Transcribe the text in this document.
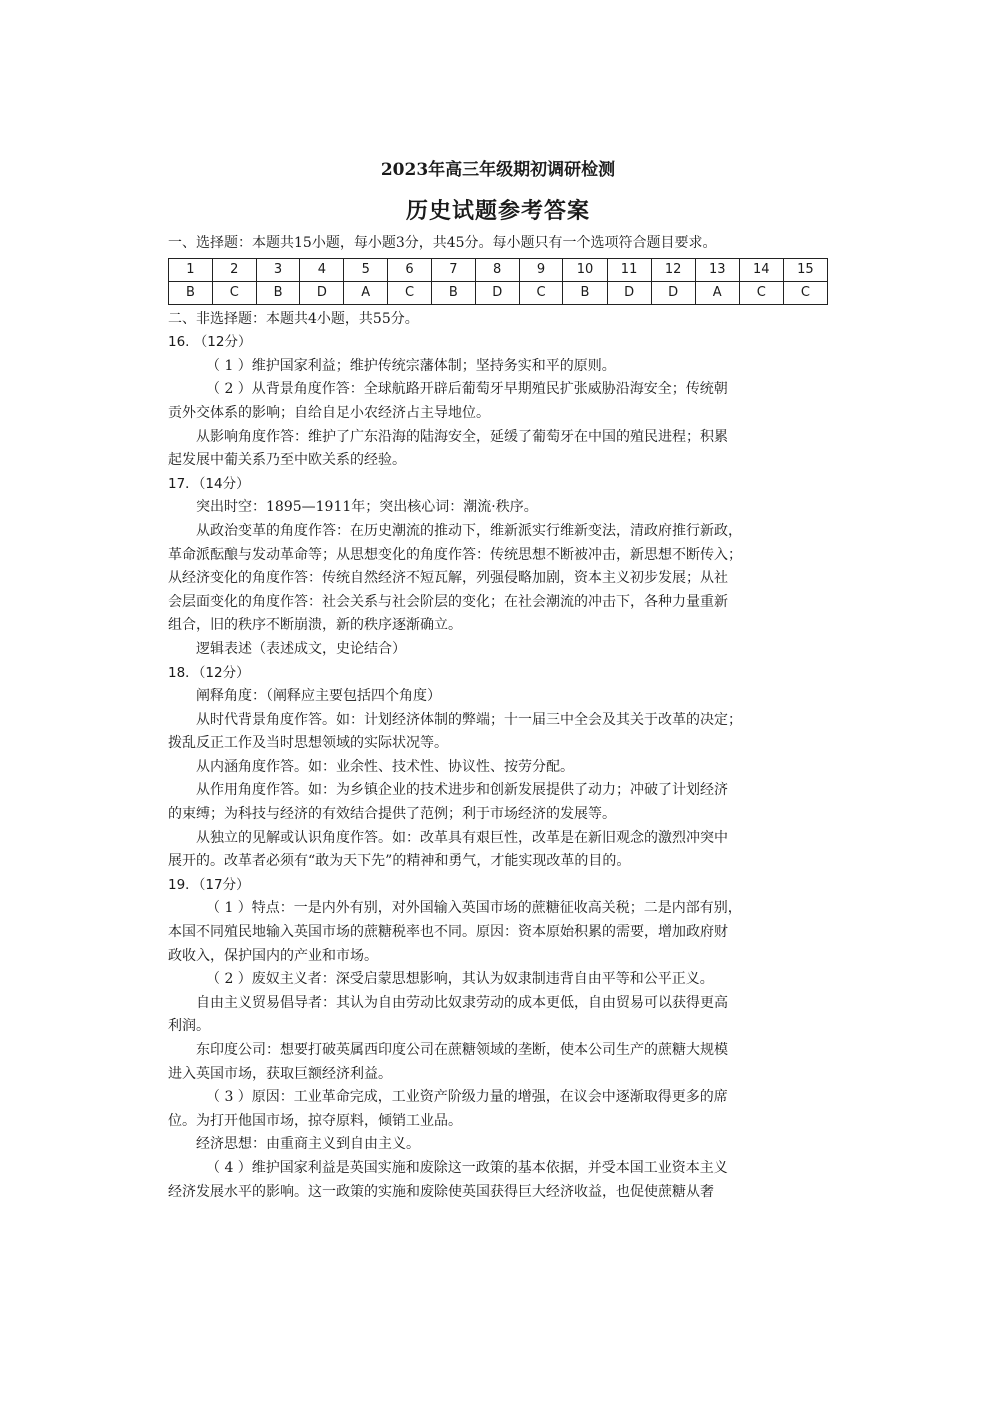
2023年高三年级期初调研检测
历史试题参考答案

一、选择题：本题共15小题，每小题3分，共45分。每小题只有一个选项符合题目要求。

1	2	3	4	5	6	7	8	9	10	11	12	13	14	15
B	C	B	D	A	C	B	D	C	B	D	D	A	C	C

二、非选择题：本题共4小题，共55分。

16. （12分）

（ 1 ）维护国家利益；维护传统宗藩体制；坚持务实和平的原则。

（ 2 ）从背景角度作答：全球航路开辟后葡萄牙早期殖民扩张威胁沿海安全；传统朝

贡外交体系的影响；自给自足小农经济占主导地位。

从影响角度作答：维护了广东沿海的陆海安全，延缓了葡萄牙在中国的殖民进程；积累

起发展中葡关系乃至中欧关系的经验。

17．（14分）

突出时空：1895—1911年；突出核心词：潮流·秩序。

从政治变革的角度作答：在历史潮流的推动下，维新派实行维新变法，清政府推行新政，

革命派酝酿与发动革命等；从思想变化的角度作答：传统思想不断被冲击，新思想不断传入；

从经济变化的角度作答：传统自然经济不短瓦解，列强侵略加剧，资本主义初步发展；从社

会层面变化的角度作答：社会关系与社会阶层的变化；在社会潮流的冲击下，各种力量重新

组合，旧的秩序不断崩溃，新的秩序逐渐确立。

逻辑表述（表述成文，史论结合）

18．（12分）

阐释角度：（阐释应主要包括四个角度）

从时代背景角度作答。如：计划经济体制的弊端；十一届三中全会及其关于改革的决定；

拨乱反正工作及当时思想领域的实际状况等。

从内涵角度作答。如：业余性、技术性、协议性、按劳分配。

从作用角度作答。如：为乡镇企业的技术进步和创新发展提供了动力；冲破了计划经济

的束缚；为科技与经济的有效结合提供了范例；利于市场经济的发展等。

从独立的见解或认识角度作答。如：改革具有艰巨性，改革是在新旧观念的激烈冲突中

展开的。改革者必须有“敢为天下先”的精神和勇气，才能实现改革的目的。

19．（17分）

（ 1 ）特点：一是内外有别，对外国输入英国市场的蔗糖征收高关税；二是内部有别，

本国不同殖民地输入英国市场的蔗糖税率也不同。原因：资本原始积累的需要，增加政府财

政收入，保护国内的产业和市场。

（ 2 ）废奴主义者：深受启蒙思想影响，其认为奴隶制违背自由平等和公平正义。

自由主义贸易倡导者：其认为自由劳动比奴隶劳动的成本更低，自由贸易可以获得更高

利润。

东印度公司：想要打破英属西印度公司在蔗糖领域的垄断，使本公司生产的蔗糖大规模

进入英国市场，获取巨额经济利益。

（ 3 ）原因：工业革命完成，工业资产阶级力量的增强，在议会中逐渐取得更多的席

位。为打开他国市场，掠夺原料，倾销工业品。

经济思想：由重商主义到自由主义。

（ 4 ）维护国家利益是英国实施和废除这一政策的基本依据，并受本国工业资本主义

经济发展水平的影响。这一政策的实施和废除使英国获得巨大经济收益，也促使蔗糖从奢
